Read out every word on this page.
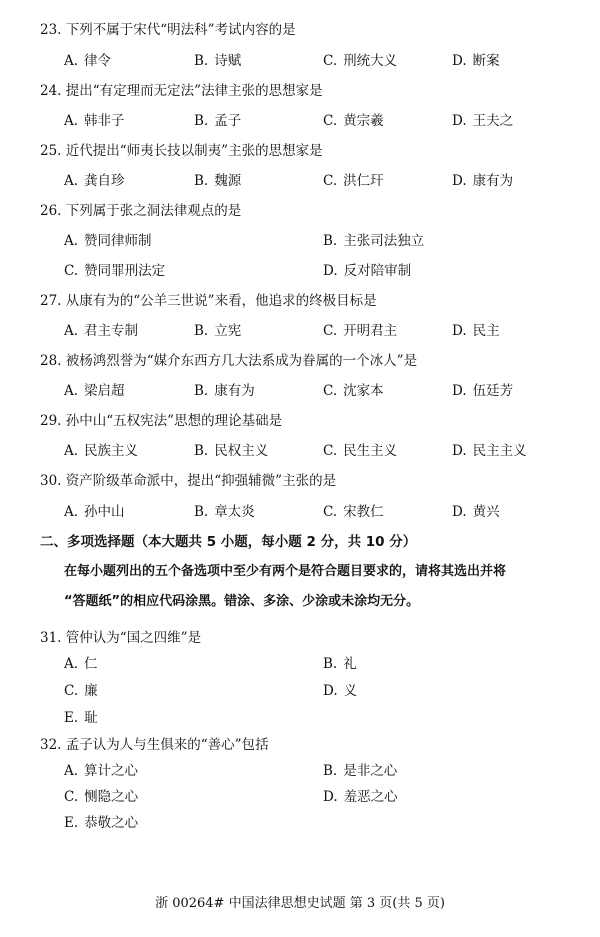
23. 下列不属于宋代“明法科”考试内容的是
A. 律令	B. 诗赋	C. 刑统大义	D. 断案
24. 提出“有定理而无定法”法律主张的思想家是
A. 韩非子	B. 孟子	C. 黄宗羲	D. 王夫之
25. 近代提出“师夷长技以制夷”主张的思想家是
A. 龚自珍	B. 魏源	C. 洪仁玕	D. 康有为
26. 下列属于张之洞法律观点的是
A. 赞同律师制	B. 主张司法独立
C. 赞同罪刑法定	D. 反对陪审制
27. 从康有为的“公羊三世说”来看，他追求的终极目标是
A. 君主专制	B. 立宪	C. 开明君主	D. 民主
28. 被杨鸿烈誉为“媒介东西方几大法系成为眷属的一个冰人”是
A. 梁启超	B. 康有为	C. 沈家本	D. 伍廷芳
29. 孙中山“五权宪法”思想的理论基础是
A. 民族主义	B. 民权主义	C. 民生主义	D. 民主主义
30. 资产阶级革命派中，提出“抑强辅微”主张的是
A. 孙中山	B. 章太炎	C. 宋教仁	D. 黄兴
二、多项选择题（本大题共 5 小题，每小题 2 分，共 10 分）
在每小题列出的五个备选项中至少有两个是符合题目要求的，请将其选出并将
“答题纸”的相应代码涂黑。错涂、多涂、少涂或未涂均无分。
31. 管仲认为“国之四维”是
A. 仁	B. 礼
C. 廉	D. 义
E. 耻
32. 孟子认为人与生俱来的“善心”包括
A. 算计之心	B. 是非之心
C. 恻隐之心	D. 羞恶之心
E. 恭敬之心
浙 00264# 中国法律思想史试题 第 3 页(共 5 页)
